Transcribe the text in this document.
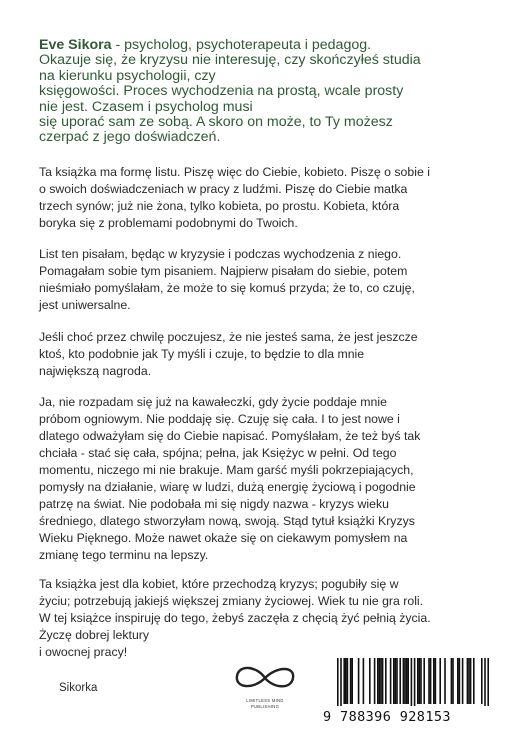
Eve Sikora - psycholog, psychoterapeuta i pedagog.
Okazuje się, że kryzysu nie interesuję, czy skończyłeś studia
na kierunku psychologii, czy
księgowości. Proces wychodzenia na prostą, wcale prosty
nie jest. Czasem i psycholog musi
się uporać sam ze sobą. A skoro on może, to Ty możesz
czerpać z jego doświadczeń.

Ta książka ma formę listu. Piszę więc do Ciebie, kobieto. Piszę o sobie i
o swoich doświadczeniach w pracy z ludźmi. Piszę do Ciebie matka
trzech synów; już nie żona, tylko kobieta, po prostu. Kobieta, która
boryka się z problemami podobnymi do Twoich.

List ten pisałam, będąc w kryzysie i podczas wychodzenia z niego.
Pomagałam sobie tym pisaniem. Najpierw pisałam do siebie, potem
nieśmiało pomyślałam, że może to się komuś przyda; że to, co czuję,
jest uniwersalne.

Jeśli choć przez chwilę poczujesz, że nie jesteś sama, że jest jeszcze
ktoś, kto podobnie jak Ty myśli i czuje, to będzie to dla mnie
największą nagroda.

Ja, nie rozpadam się już na kawałeczki, gdy życie poddaje mnie
próbom ogniowym. Nie poddaję się. Czuję się cała. I to jest nowe i
dlatego odważyłam się do Ciebie napisać. Pomyślałam, że też byś tak
chciała - stać się cała, spójna; pełna, jak Księżyc w pełni. Od tego
momentu, niczego mi nie brakuje. Mam garść myśli pokrzepiających,
pomysły na działanie, wiarę w ludzi, dużą energię życiową i pogodnie
patrzę na świat. Nie podobała mi się nigdy nazwa - kryzys wieku
średniego, dlatego stworzyłam nową, swoją. Stąd tytuł książki Kryzys
Wieku Pięknego. Może nawet okaże się on ciekawym pomysłem na
zmianę tego terminu na lepszy.

Ta książka jest dla kobiet, które przechodzą kryzys; pogubiły się w
życiu; potrzebują jakiejś większej zmiany życiowej. Wiek tu nie gra roli.
W tej książce inspiruję do tego, żebyś zaczęła z chęcią żyć pełnią życia.
Życzę dobrej lektury
i owocnej pracy!

Sikorka

LIMITLESS MIND
PUBLISHING
9 788396 928153
